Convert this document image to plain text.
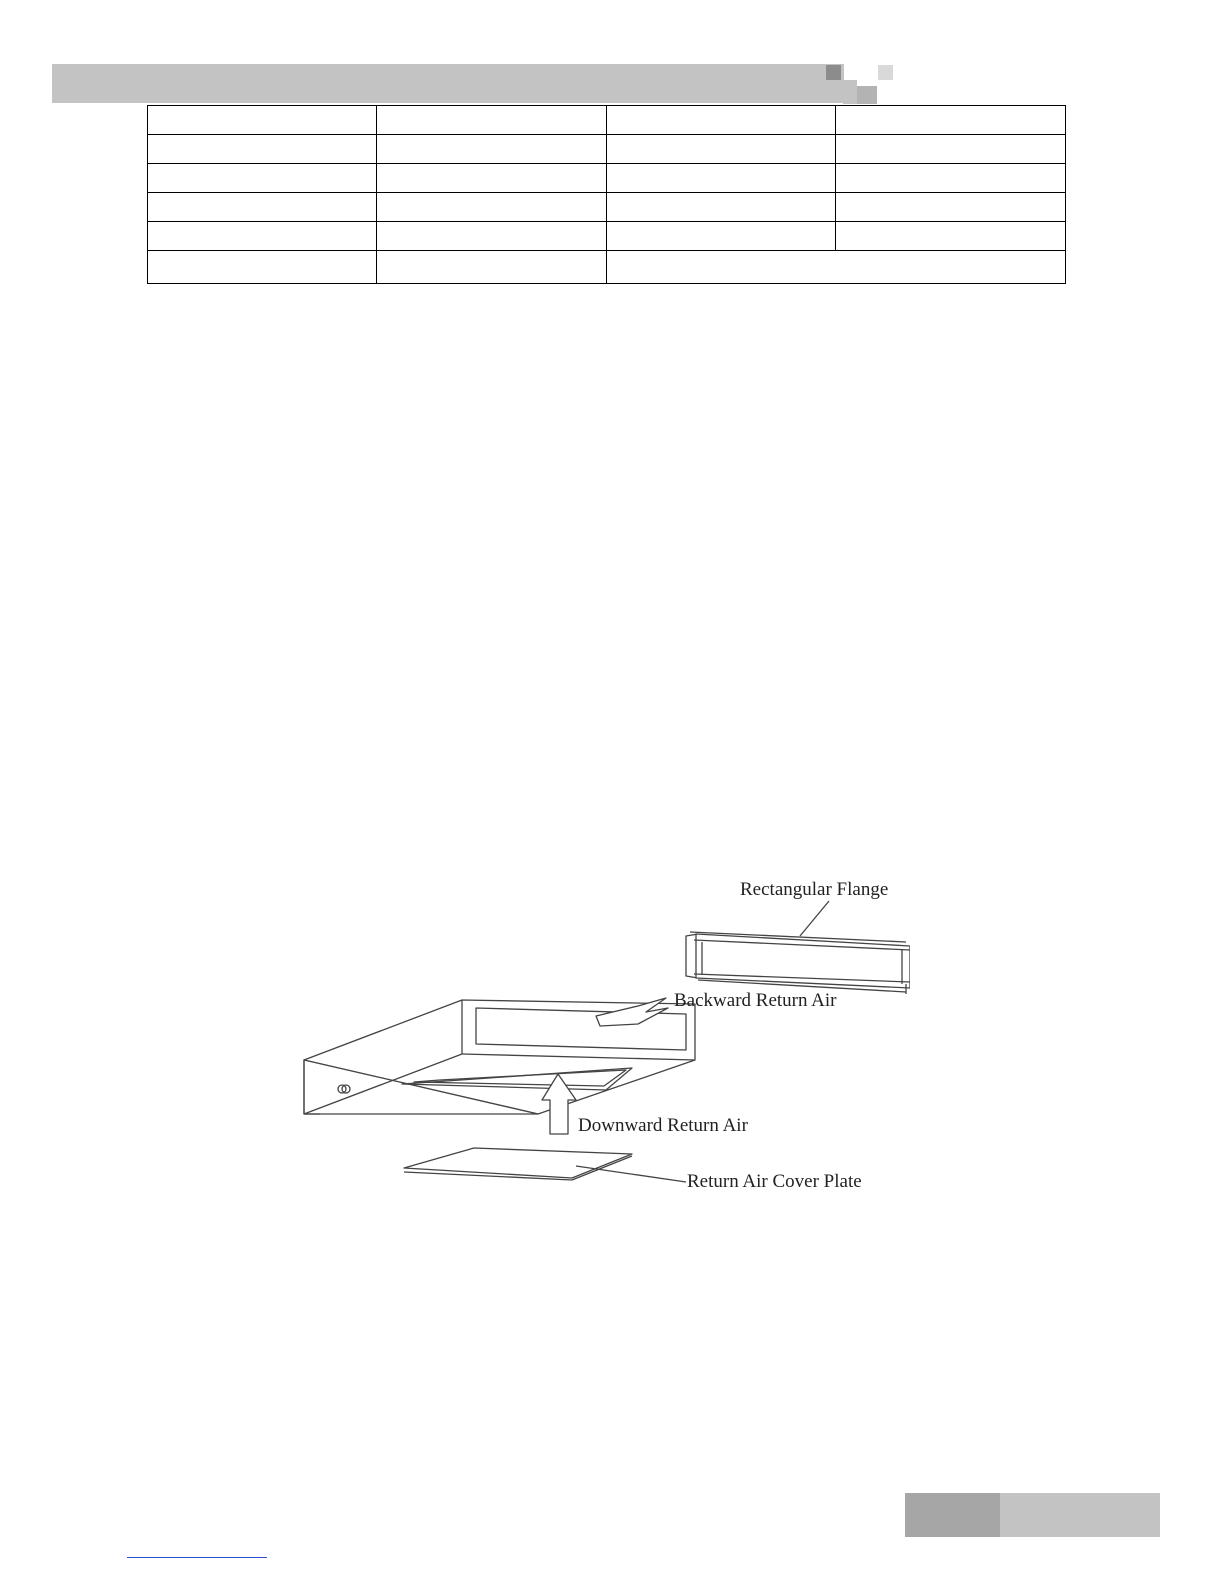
Rectangular Flange
Backward Return Air
Downward Return Air
Return Air Cover Plate
